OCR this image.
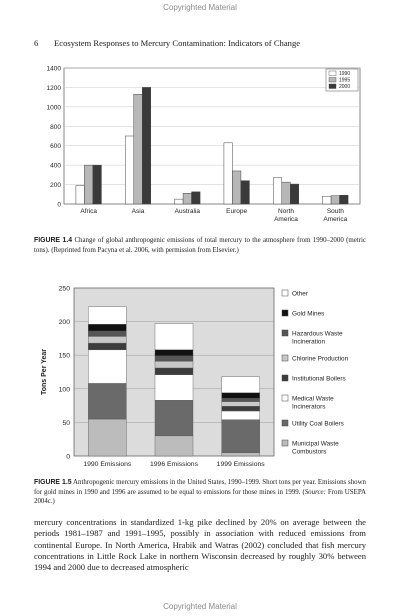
Copyrighted Material
6 Ecosystem Responses to Mercury Contamination: Indicators of Change
0
200
400
600
800
1000
1200
1400
Africa	Asia	Australia	Europe	North
America
South
America
1990
1995
2000
FIGURE 1.4 Change of global anthropogenic emissions of total mercury to the atmosphere from 1990–2000 (metric tons). (Reprinted from Pacyna et al. 2006, with permission from Elsevier.)
0
50
100
150
200
250
Tons Per Year
1990 Emissions	1996 Emissions	1999 Emissions
Other
Gold Mines
Hazardous Waste
Incineration
Chlorine Production
Institutional Boilers
Medical Waste
Incinerators
Utility Coal Boilers
Municipal Waste
Combustors
FIGURE 1.5 Anthropogenic mercury emissions in the United States, 1990–1999. Short tons per year. Emissions shown for gold mines in 1990 and 1996 are assumed to be equal to emissions for those mines in 1999. (Source: From USEPA 2004c.)
mercury concentrations in standardized 1-kg pike declined by 20% on average between the periods 1981–1987 and 1991–1995, possibly in association with reduced emissions from continental Europe. In North America, Hrabik and Watras (2002) concluded that fish mercury concentrations in Little Rock Lake in northern Wisconsin decreased by roughly 30% between 1994 and 2000 due to decreased atmospheric
Copyrighted Material
